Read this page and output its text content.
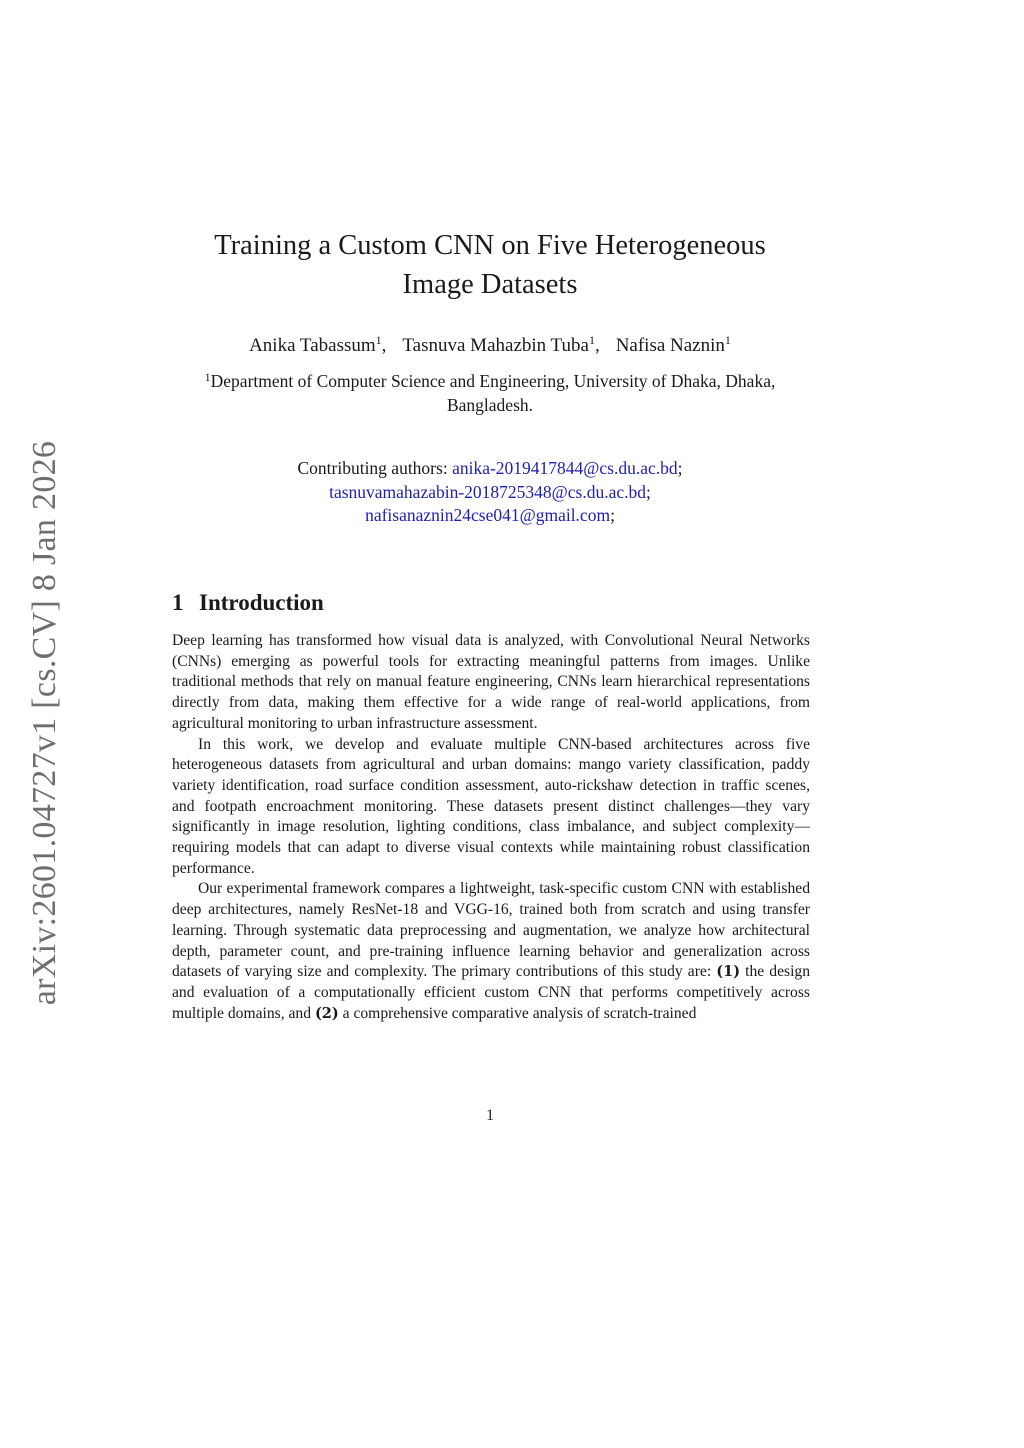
arXiv:2601.04727v1 [cs.CV] 8 Jan 2026
Training a Custom CNN on Five Heterogeneous
Image Datasets
Anika Tabassum$^1$, Tasnuva Mahazbin Tuba$^1$, Nafisa Naznin$^1$
$^1$Department of Computer Science and Engineering, University of Dhaka, Dhaka, Bangladesh.
Contributing authors: anika-2019417844@cs.du.ac.bd;
tasnuvamahazabin-2018725348@cs.du.ac.bd;
nafisanaznin24cse041@gmail.com;
1 Introduction

Deep learning has transformed how visual data is analyzed, with Convolutional Neural Networks (CNNs) emerging as powerful tools for extracting meaningful patterns from images. Unlike traditional methods that rely on manual feature engineering, CNNs learn hierarchical representations directly from data, making them effective for a wide range of real-world applications, from agricultural monitoring to urban infrastructure assessment.

In this work, we develop and evaluate multiple CNN-based architectures across five heterogeneous datasets from agricultural and urban domains: mango variety classification, paddy variety identification, road surface condition assessment, auto-rickshaw detection in traffic scenes, and footpath encroachment monitoring. These datasets present distinct challenges—they vary significantly in image resolution, lighting conditions, class imbalance, and subject complexity—requiring models that can adapt to diverse visual contexts while maintaining robust classification performance.

Our experimental framework compares a lightweight, task-specific custom CNN with established deep architectures, namely ResNet-18 and VGG-16, trained both from scratch and using transfer learning. Through systematic data preprocessing and augmentation, we analyze how architectural depth, parameter count, and pre-training influence learning behavior and generalization across datasets of varying size and complexity. The primary contributions of this study are: (1) the design and evaluation of a computationally efficient custom CNN that performs competitively across multiple domains, and (2) a comprehensive comparative analysis of scratch-trained

1
